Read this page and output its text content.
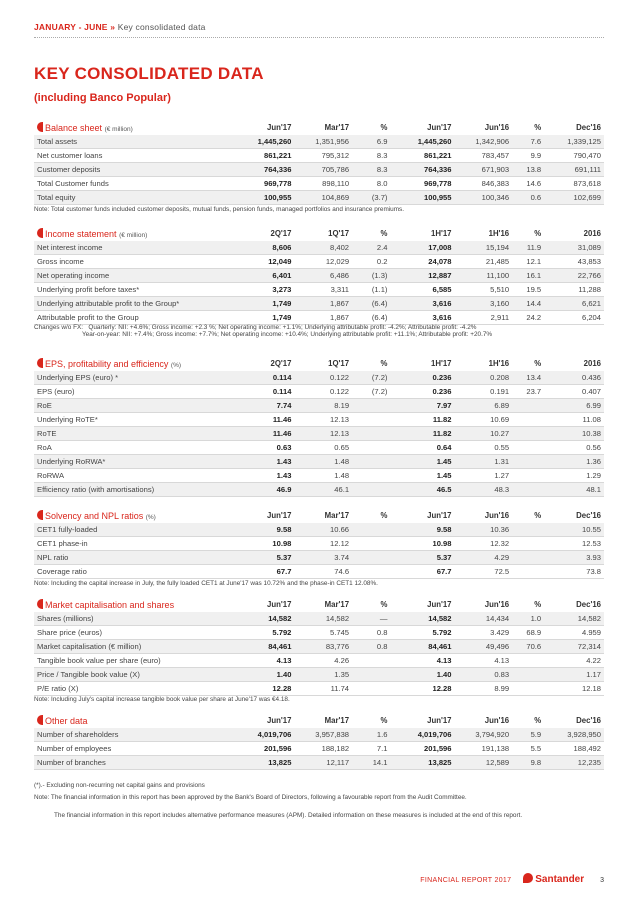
JANUARY - JUNE » Key consolidated data
KEY CONSOLIDATED DATA
(including Banco Popular)
Balance sheet (€ million)	Jun'17	Mar'17	%	Jun'17	Jun'16	%	Dec'16
Total assets	1,445,260	1,351,956	6.9	1,445,260	1,342,906	7.6	1,339,125
Net customer loans	861,221	795,312	8.3	861,221	783,457	9.9	790,470
Customer deposits	764,336	705,786	8.3	764,336	671,903	13.8	691,111
Total Customer funds	969,778	898,110	8.0	969,778	846,383	14.6	873,618
Total equity	100,955	104,869	(3.7)	100,955	100,346	0.6	102,699
Note: Total customer funds included customer deposits, mutual funds, pension funds, managed portfolios and insurance premiums.
Income statement (€ million)	2Q'17	1Q'17	%	1H'17	1H'16	%	2016
Net interest income	8,606	8,402	2.4	17,008	15,194	11.9	31,089
Gross income	12,049	12,029	0.2	24,078	21,485	12.1	43,853
Net operating income	6,401	6,486	(1.3)	12,887	11,100	16.1	22,766
Underlying profit before taxes*	3,273	3,311	(1.1)	6,585	5,510	19.5	11,288
Underlying attributable profit to the Group*	1,749	1,867	(6.4)	3,616	3,160	14.4	6,621
Attributable profit to the Group	1,749	1,867	(6.4)	3,616	2,911	24.2	6,204
Changes w/o FX: Quarterly: NII: +4.6%; Gross income: +2.3 %; Net operating income: +1.1%; Underlying attributable profit: -4.2%; Attributable profit: -4.2%
Year-on-year: NII: +7.4%; Gross income: +7.7%; Net operating income: +10.4%; Underlying attributable profit: +11.1%; Attributable profit: +20.7%
EPS, profitability and efficiency (%)	2Q'17	1Q'17	%	1H'17	1H'16	%	2016
Underlying EPS (euro) *	0.114	0.122	(7.2)	0.236	0.208	13.4	0.436
EPS (euro)	0.114	0.122	(7.2)	0.236	0.191	23.7	0.407
RoE	7.74	8.19		7.97	6.89		6.99
Underlying RoTE*	11.46	12.13		11.82	10.69		11.08
RoTE	11.46	12.13		11.82	10.27		10.38
RoA	0.63	0.65		0.64	0.55		0.56
Underlying RoRWA*	1.43	1.48		1.45	1.31		1.36
RoRWA	1.43	1.48		1.45	1.27		1.29
Efficiency ratio (with amortisations)	46.9	46.1		46.5	48.3		48.1
Solvency and NPL ratios (%)	Jun'17	Mar'17	%	Jun'17	Jun'16	%	Dec'16
CET1 fully-loaded	9.58	10.66		9.58	10.36		10.55
CET1 phase-in	10.98	12.12		10.98	12.32		12.53
NPL ratio	5.37	3.74		5.37	4.29		3.93
Coverage ratio	67.7	74.6		67.7	72.5		73.8
Note: Including the capital increase in July, the fully loaded CET1 at June'17 was 10.72% and the phase-in CET1 12.08%.
Market capitalisation and shares	Jun'17	Mar'17	%	Jun'17	Jun'16	%	Dec'16
Shares (millions)	14,582	14,582	—	14,582	14,434	1.0	14,582
Share price (euros)	5.792	5.745	0.8	5.792	3.429	68.9	4.959
Market capitalisation (€ million)	84,461	83,776	0.8	84,461	49,496	70.6	72,314
Tangible book value per share (euro)	4.13	4.26		4.13	4.13		4.22
Price / Tangible book value (X)	1.40	1.35		1.40	0.83		1.17
P/E ratio (X)	12.28	11.74		12.28	8.99		12.18
Note: Including July's capital increase tangible book value per share at June'17 was €4.18.
Other data	Jun'17	Mar'17	%	Jun'17	Jun'16	%	Dec'16
Number of shareholders	4,019,706	3,957,838	1.6	4,019,706	3,794,920	5.9	3,928,950
Number of employees	201,596	188,182	7.1	201,596	191,138	5.5	188,492
Number of branches	13,825	12,117	14.1	13,825	12,589	9.8	12,235
(*).- Excluding non-recurring net capital gains and provisions
Note: The financial information in this report has been approved by the Bank's Board of Directors, following a favourable report from the Audit Committee.
The financial information in this report includes alternative performance measures (APM). Detailed information on these measures is included at the end of this report.
FINANCIAL REPORT 2017 Santander 3
